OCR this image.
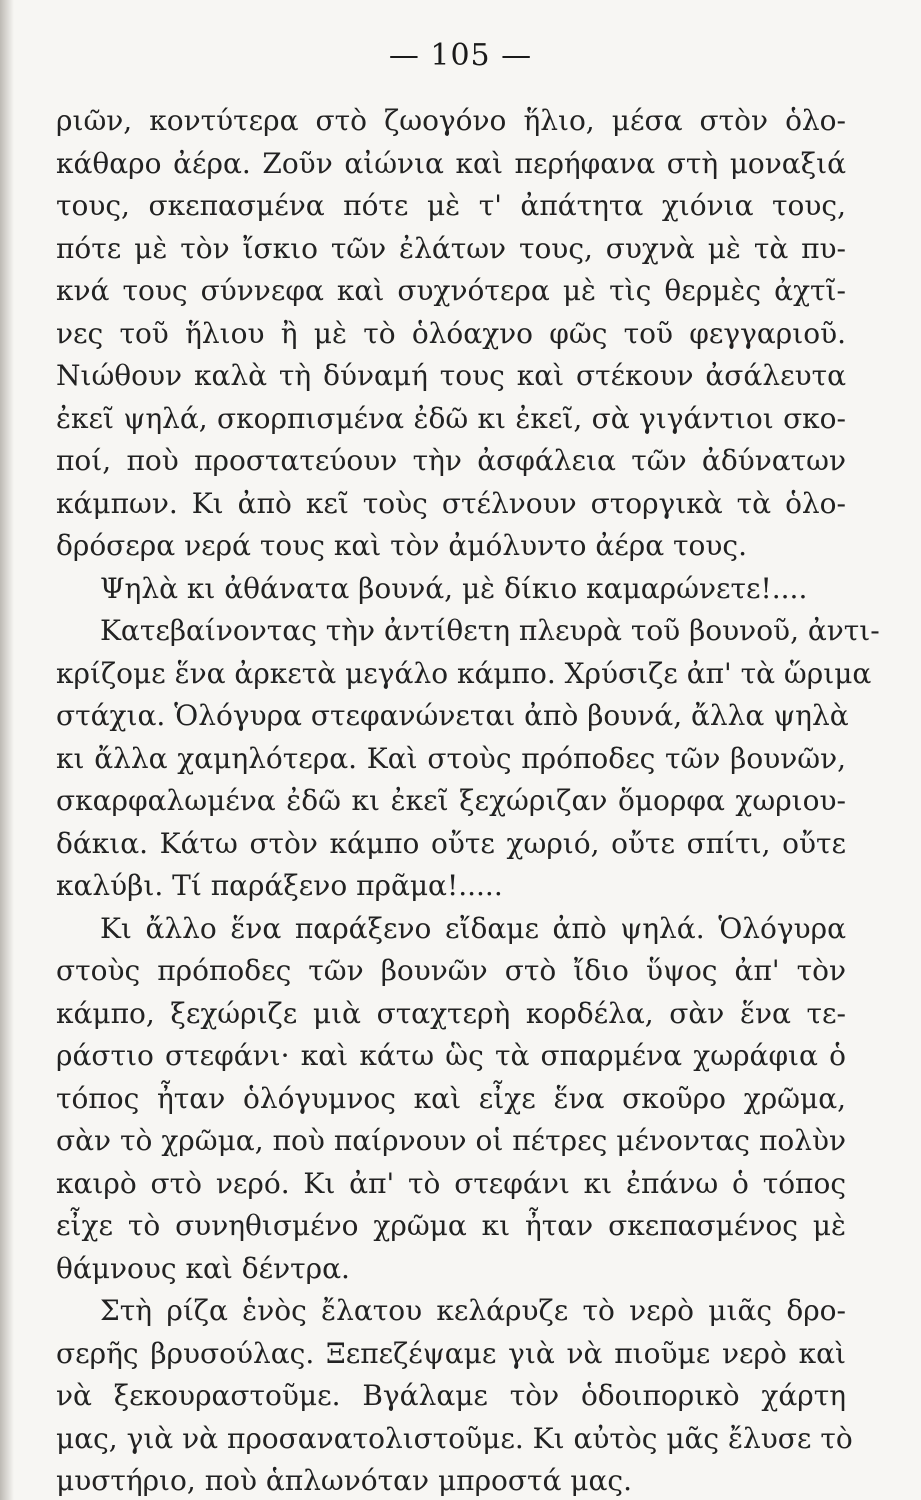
— 105 —
ριῶν, κοντύτερα στὸ ζωογόνο ἥλιο, μέσα στὸν ὁλο-
κάθαρο ἀέρα. Ζοῦν αἰώνια καὶ περήφανα στὴ μοναξιά
τους, σκεπασμένα πότε μὲ τ' ἀπάτητα χιόνια τους,
πότε μὲ τὸν ἴσκιο τῶν ἐλάτων τους, συχνὰ μὲ τὰ πυ-
κνά τους σύννεφα καὶ συχνότερα μὲ τὶς θερμὲς ἀχτῖ-
νες τοῦ ἥλιου ἢ μὲ τὸ ὁλόαχνο φῶς τοῦ φεγγαριοῦ.
Νιώθουν καλὰ τὴ δύναμή τους καὶ στέκουν ἀσάλευτα
ἐκεῖ ψηλά, σκορπισμένα ἐδῶ κι ἐκεῖ, σὰ γιγάντιοι σκο-
ποί, ποὺ προστατεύουν τὴν ἀσφάλεια τῶν ἀδύνατων
κάμπων. Κι ἀπὸ κεῖ τοὺς στέλνουν στοργικὰ τὰ ὁλο-
δρόσερα νερά τους καὶ τὸν ἀμόλυντο ἀέρα τους.
Ψηλὰ κι ἀθάνατα βουνά, μὲ δίκιο καμαρώνετε!....
Κατεβαίνοντας τὴν ἀντίθετη πλευρὰ τοῦ βουνοῦ, ἀντι-
κρίζομε ἕνα ἀρκετὰ μεγάλο κάμπο. Χρύσιζε ἀπ' τὰ ὥριμα
στάχια. Ὁλόγυρα στεφανώνεται ἀπὸ βουνά, ἄλλα ψηλὰ
κι ἄλλα χαμηλότερα. Καὶ στοὺς πρόποδες τῶν βουνῶν,
σκαρφαλωμένα ἐδῶ κι ἐκεῖ ξεχώριζαν ὅμορφα χωριου-
δάκια. Κάτω στὸν κάμπο οὔτε χωριό, οὔτε σπίτι, οὔτε
καλύβι. Τί παράξενο πρᾶμα!.....
Κι ἄλλο ἕνα παράξενο εἴδαμε ἀπὸ ψηλά. Ὁλόγυρα
στοὺς πρόποδες τῶν βουνῶν στὸ ἴδιο ὕψος ἀπ' τὸν
κάμπο, ξεχώριζε μιὰ σταχτερὴ κορδέλα, σὰν ἕνα τε-
ράστιο στεφάνι· καὶ κάτω ὣς τὰ σπαρμένα χωράφια ὁ
τόπος ἦταν ὁλόγυμνος καὶ εἶχε ἕνα σκοῦρο χρῶμα,
σὰν τὸ χρῶμα, ποὺ παίρνουν οἱ πέτρες μένοντας πολὺν
καιρὸ στὸ νερό. Κι ἀπ' τὸ στεφάνι κι ἐπάνω ὁ τόπος
εἶχε τὸ συνηθισμένο χρῶμα κι ἦταν σκεπασμένος μὲ
θάμνους καὶ δέντρα.
Στὴ ρίζα ἑνὸς ἔλατου κελάρυζε τὸ νερὸ μιᾶς δρο-
σερῆς βρυσούλας. Ξεπεζέψαμε γιὰ νὰ πιοῦμε νερὸ καὶ
νὰ ξεκουραστοῦμε. Βγάλαμε τὸν ὁδοιπορικὸ χάρτη
μας, γιὰ νὰ προσανατολιστοῦμε. Κι αὐτὸς μᾶς ἔλυσε τὸ
μυστήριο, ποὺ ἁπλωνόταν μπροστά μας.
